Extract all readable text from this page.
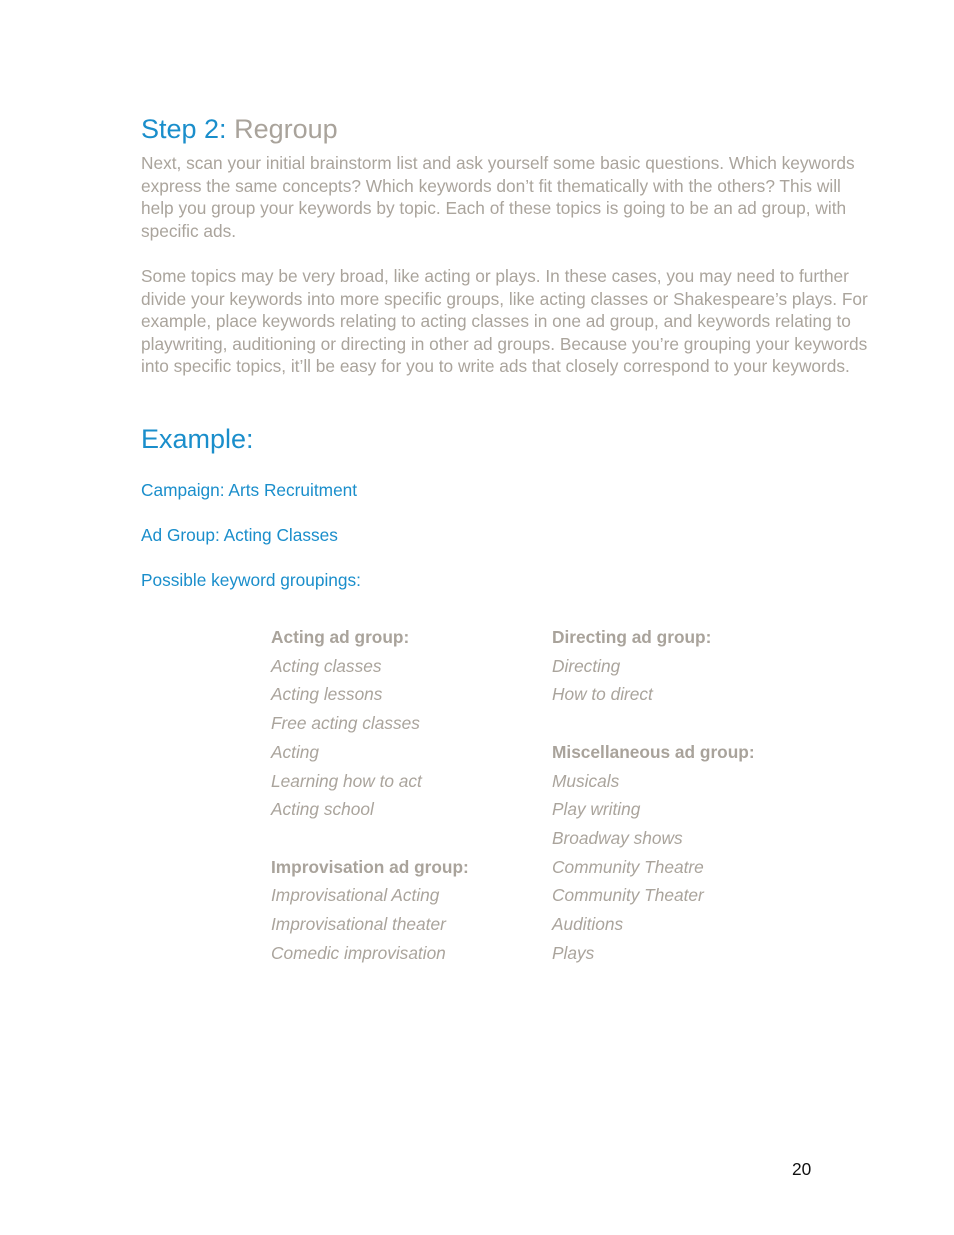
Step 2: Regroup

Next, scan your initial brainstorm list and ask yourself some basic questions. Which keywords express the same concepts? Which keywords don’t fit thematically with the others? This will help you group your keywords by topic. Each of these topics is going to be an ad group, with specific ads.

Some topics may be very broad, like acting or plays. In these cases, you may need to further divide your keywords into more specific groups, like acting classes or Shakespeare’s plays. For example, place keywords relating to acting classes in one ad group, and keywords relating to playwriting, auditioning or directing in other ad groups. Because you’re grouping your keywords into specific topics, it’ll be easy for you to write ads that closely correspond to your keywords.

Example:

Campaign: Arts Recruitment

Ad Group: Acting Classes

Possible keyword groupings:

Acting ad group:
Acting classes
Acting lessons
Free acting classes
Acting
Learning how to act
Acting school
Improvisation ad group:
Improvisational Acting
Improvisational theater
Comedic improvisation
Directing ad group:
Directing
How to direct
Miscellaneous ad group:
Musicals
Play writing
Broadway shows
Community Theatre
Community Theater
Auditions
Plays
20
